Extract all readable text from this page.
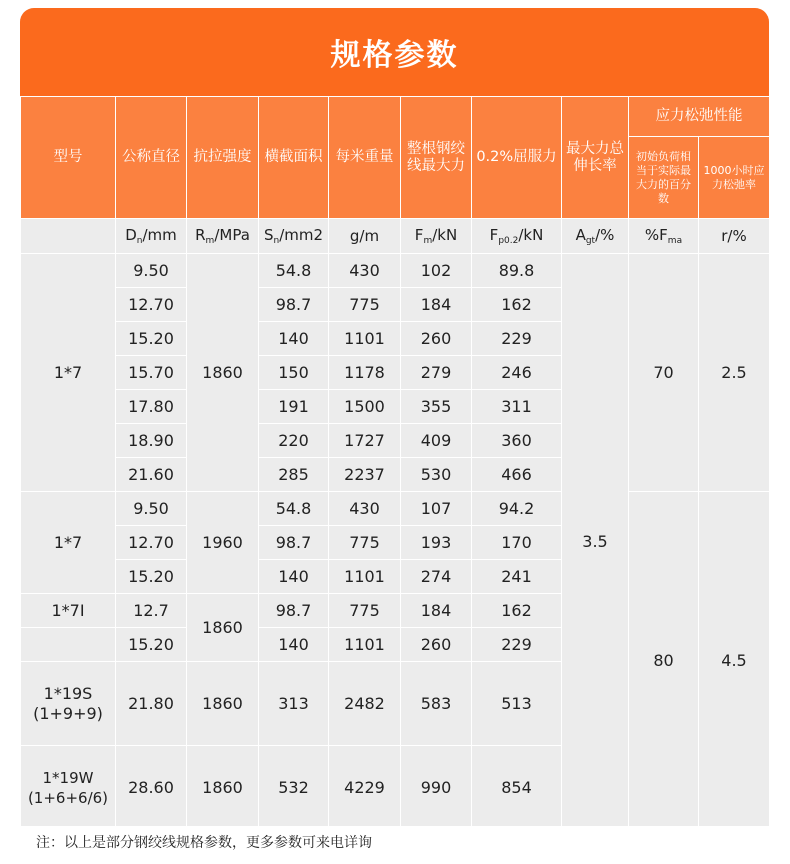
规格参数
型号	公称直径	抗拉强度	横截面积	每米重量	整根钢绞线最大力	0.2%屈服力	最大力总伸长率	应力松弛性能		
								初始负荷相当于实际最大力的百分数	1000小时应力松弛率	
	$D_n/mm$	$R_m$/MPa	$S_n/mm2$	g/m	$F_m/kN$	$F_{p0.2}/kN$	$A_{gt}/\%$	$\%F_{ma}$	r/%	
1*7	9.50	1860	54.8	430	102	89.8	3.5	70	2.5	
	12.70		98.7	775	184	162				
	15.20		140	1101	260	229				
	15.70		150	1178	279	246				
	17.80		191	1500	355	311				
	18.90		220	1727	409	360				
	21.60		285	2237	530	466				
1*7	9.50	1960	54.8	430	107	94.2		80	4.5	
	12.70		98.7	775	193	170				
	15.20		140	1101	274	241				
1*7I	12.7	1860	98.7	775	184	162				
	15.20		140	1101	260	229				
1*19S (1+9+9)	21.80	1860	313	2482	583	513				
1*19W (1+6+6/6)	28.60	1860	532	4229	990	854				
注：以上是部分钢绞线规格参数，更多参数可来电详询
